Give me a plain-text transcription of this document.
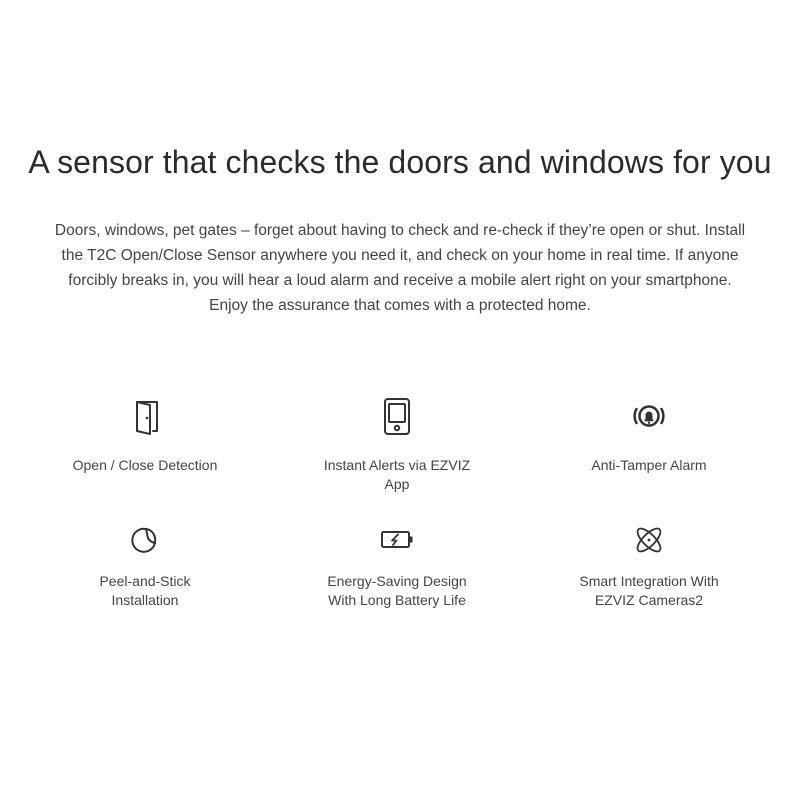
A sensor that checks the doors and windows for you

Doors, windows, pet gates – forget about having to check and re-check if they’re open or shut. Install
the T2C Open/Close Sensor anywhere you need it, and check on your home in real time. If anyone
forcibly breaks in, you will hear a loud alarm and receive a mobile alert right on your smartphone.
Enjoy the assurance that comes with a protected home.

Open / Close Detection	Instant Alerts via EZVIZ
App
Anti-Tamper Alarm
Peel-and-Stick
Installation
Energy-Saving Design
With Long Battery Life
Smart Integration With
EZVIZ Cameras2
